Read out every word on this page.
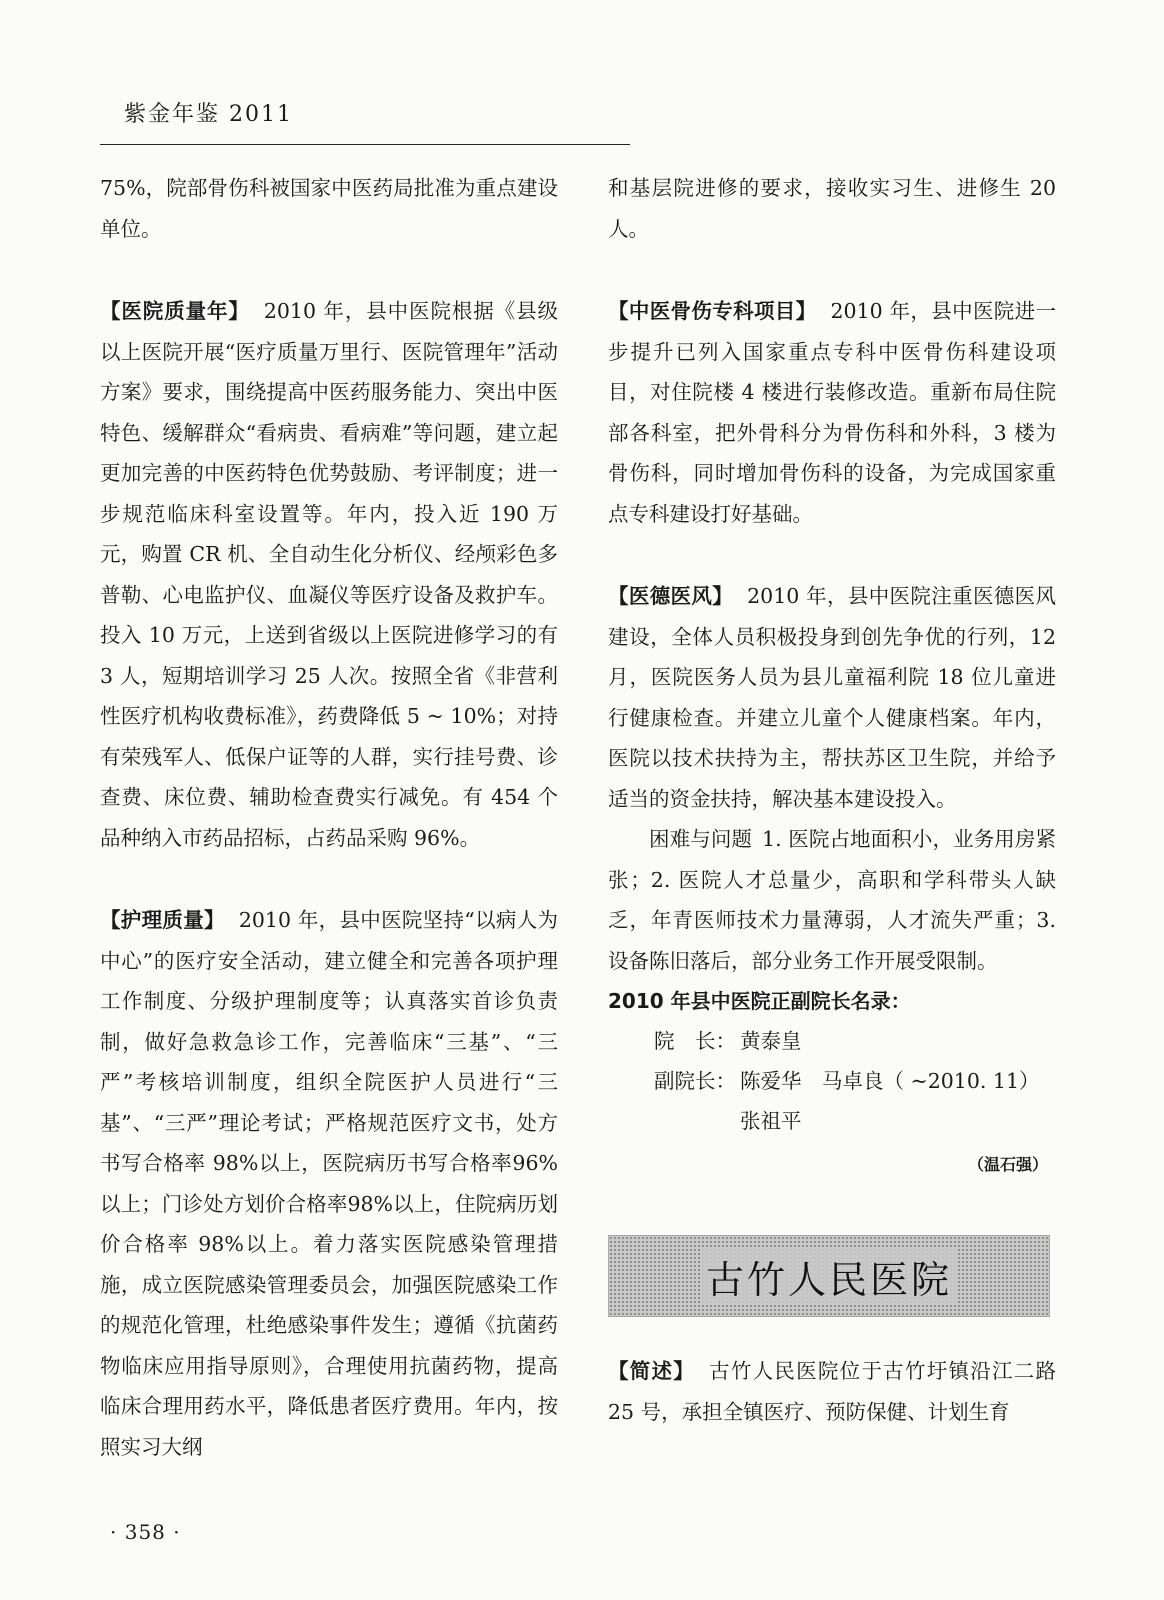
紫金年鉴 2011

75%，院部骨伤科被国家中医药局批准为重点建设单位。

【医院质量年】 2010 年，县中医院根据《县级以上医院开展“医疗质量万里行、医院管理年”活动方案》要求，围绕提高中医药服务能力、突出中医特色、缓解群众“看病贵、看病难”等问题，建立起更加完善的中医药特色优势鼓励、考评制度；进一步规范临床科室设置等。年内，投入近 190 万元，购置 CR 机、全自动生化分析仪、经颅彩色多普勒、心电监护仪、血凝仪等医疗设备及救护车。投入 10 万元，上送到省级以上医院进修学习的有 3 人，短期培训学习 25 人次。按照全省《非营利性医疗机构收费标准》，药费降低 5 ~ 10%；对持有荣残军人、低保户证等的人群，实行挂号费、诊查费、床位费、辅助检查费实行减免。有 454 个品种纳入市药品招标，占药品采购 96%。

【护理质量】 2010 年，县中医院坚持“以病人为中心”的医疗安全活动，建立健全和完善各项护理工作制度、分级护理制度等；认真落实首诊负责制，做好急救急诊工作，完善临床“三基”、“三严”考核培训制度，组织全院医护人员进行“三基”、“三严”理论考试；严格规范医疗文书，处方书写合格率 98%以上，医院病历书写合格率96%以上；门诊处方划价合格率98%以上，住院病历划价合格率 98%以上。着力落实医院感染管理措施，成立医院感染管理委员会，加强医院感染工作的规范化管理，杜绝感染事件发生；遵循《抗菌药物临床应用指导原则》，合理使用抗菌药物，提高临床合理用药水平，降低患者医疗费用。年内，按照实习大纲

和基层院进修的要求，接收实习生、进修生 20 人。

【中医骨伤专科项目】 2010 年，县中医院进一步提升已列入国家重点专科中医骨伤科建设项目，对住院楼 4 楼进行装修改造。重新布局住院部各科室，把外骨科分为骨伤科和外科，3 楼为骨伤科，同时增加骨伤科的设备，为完成国家重点专科建设打好基础。

【医德医风】 2010 年，县中医院注重医德医风建设，全体人员积极投身到创先争优的行列，12 月，医院医务人员为县儿童福利院 18 位儿童进行健康检查。并建立儿童个人健康档案。年内，医院以技术扶持为主，帮扶苏区卫生院，并给予适当的资金扶持，解决基本建设投入。

困难与问题 1. 医院占地面积小，业务用房紧张；2. 医院人才总量少，高职和学科带头人缺乏，年青医师技术力量薄弱，人才流失严重；3. 设备陈旧落后，部分业务工作开展受限制。

2010 年县中医院正副院长名录：
院　长： 黄泰皇
副院长： 陈爱华　马卓良（ ~2010. 11）
张祖平
（温石强）
古竹人民医院

【简述】 古竹人民医院位于古竹圩镇沿江二路 25 号，承担全镇医疗、预防保健、计划生育

· 358 ·
